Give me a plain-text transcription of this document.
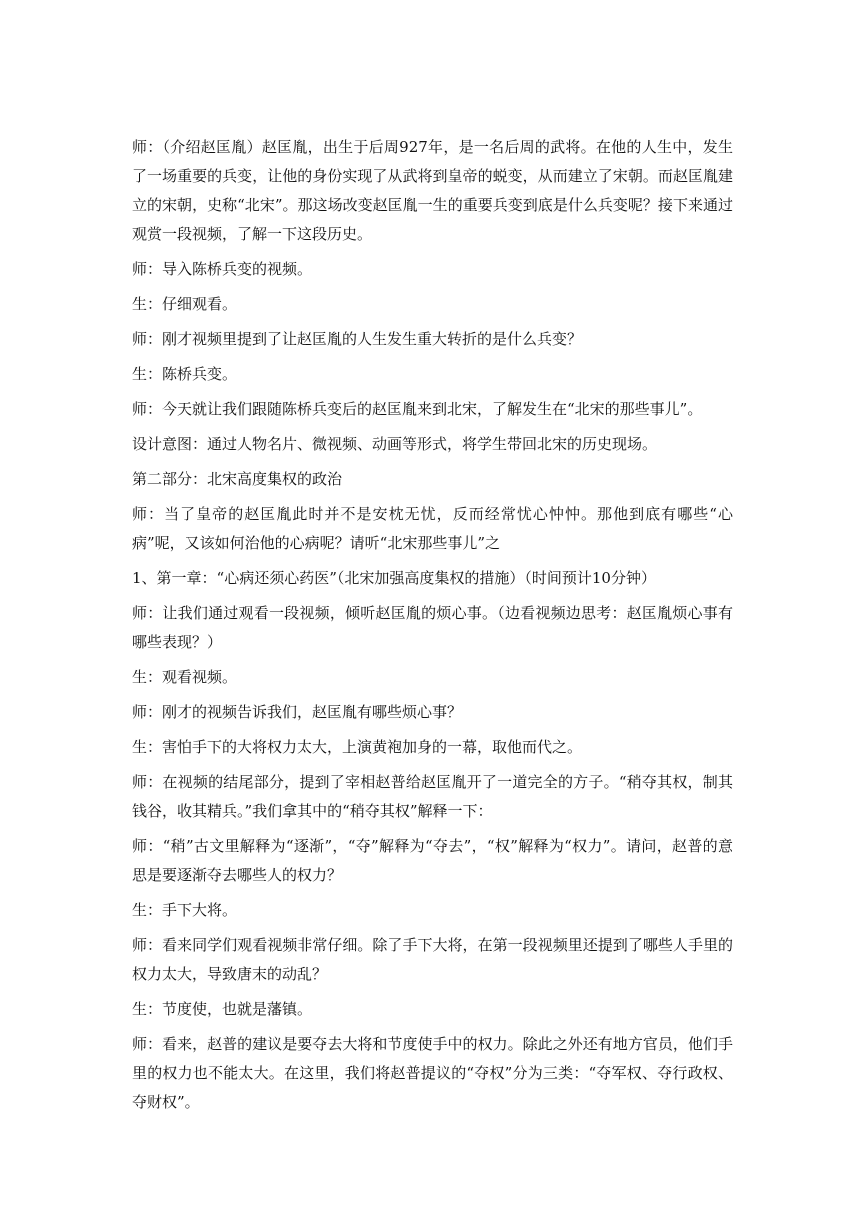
师：（介绍赵匡胤）赵匡胤，出生于后周927年，是一名后周的武将。在他的人生中，发生了一场重要的兵变，让他的身份实现了从武将到皇帝的蜕变，从而建立了宋朝。而赵匡胤建立的宋朝，史称“北宋”。那这场改变赵匡胤一生的重要兵变到底是什么兵变呢？接下来通过观赏一段视频，了解一下这段历史。

师：导入陈桥兵变的视频。

生：仔细观看。

师：刚才视频里提到了让赵匡胤的人生发生重大转折的是什么兵变？

生：陈桥兵变。

师：今天就让我们跟随陈桥兵变后的赵匡胤来到北宋，了解发生在“北宋的那些事儿”。

设计意图：通过人物名片、微视频、动画等形式，将学生带回北宋的历史现场。

第二部分：北宋高度集权的政治

师：当了皇帝的赵匡胤此时并不是安枕无忧，反而经常忧心忡忡。那他到底有哪些“心病”呢，又该如何治他的心病呢？请听“北宋那些事儿”之

1、第一章：“心病还须心药医”（北宋加强高度集权的措施）（时间预计10分钟）

师：让我们通过观看一段视频，倾听赵匡胤的烦心事。（边看视频边思考：赵匡胤烦心事有哪些表现？）

生：观看视频。

师：刚才的视频告诉我们，赵匡胤有哪些烦心事？

生：害怕手下的大将权力太大，上演黄袍加身的一幕，取他而代之。

师：在视频的结尾部分，提到了宰相赵普给赵匡胤开了一道完全的方子。“稍夺其权，制其钱谷，收其精兵。”我们拿其中的“稍夺其权”解释一下：

师：“稍”古文里解释为“逐渐”，“夺”解释为“夺去”，“权”解释为“权力”。请问，赵普的意思是要逐渐夺去哪些人的权力？

生：手下大将。

师：看来同学们观看视频非常仔细。除了手下大将，在第一段视频里还提到了哪些人手里的权力太大，导致唐末的动乱？

生：节度使，也就是藩镇。

师：看来，赵普的建议是要夺去大将和节度使手中的权力。除此之外还有地方官员，他们手里的权力也不能太大。在这里，我们将赵普提议的“夺权”分为三类：“夺军权、夺行政权、夺财权”。
